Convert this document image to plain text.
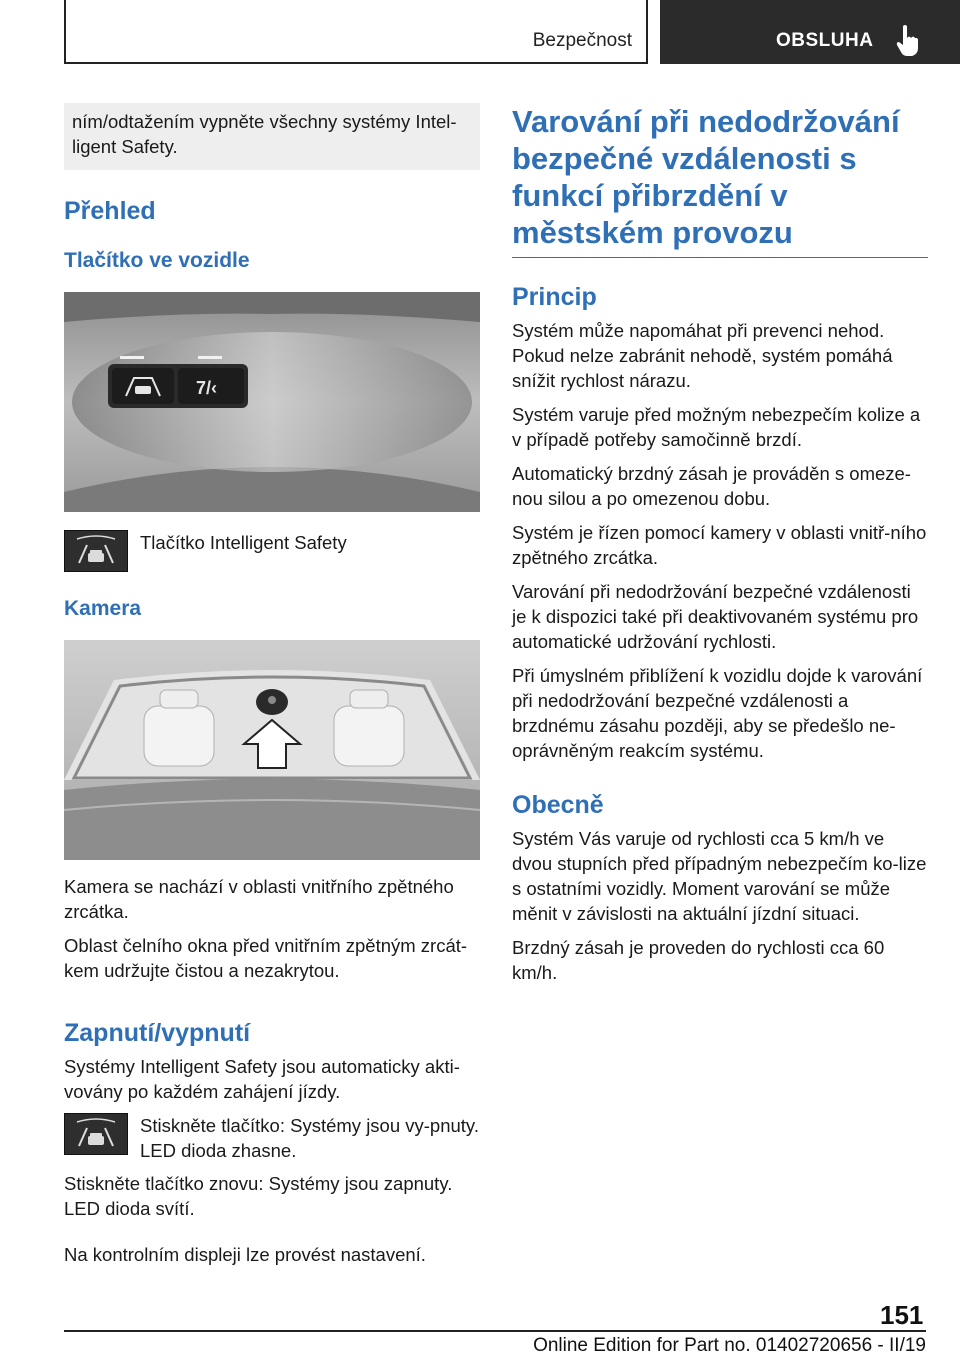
Bezpečnost	OBSLUHA
ním/odtažením vypněte všechny systémy Intel‐ligent Safety.
Přehled
Tlačítko ve vozidle
7/‹
Tlačítko Intelligent Safety
Kamera

Kamera se nachází v oblasti vnitřního zpětného zrcátka.

Oblast čelního okna před vnitřním zpětným zrcát‐kem udržujte čistou a nezakrytou.

Zapnutí/vypnutí

Systémy Intelligent Safety jsou automaticky akti‐vovány po každém zahájení jízdy.

Stiskněte tlačítko: Systémy jsou vy‐pnuty. LED dioda zhasne.

Stiskněte tlačítko znovu: Systémy jsou zapnuty. LED dioda svítí.

Na kontrolním displeji lze provést nastavení.

Varování při nedodržování bezpečné vzdálenosti s funkcí přibrzdění v městském provozu
Princip

Systém může napomáhat při prevenci nehod. Pokud nelze zabránit nehodě, systém pomáhá snížit rychlost nárazu.

Systém varuje před možným nebezpečím kolize a v případě potřeby samočinně brzdí.

Automatický brzdný zásah je prováděn s omeze‐nou silou a po omezenou dobu.

Systém je řízen pomocí kamery v oblasti vnitř‐ního zpětného zrcátka.

Varování při nedodržování bezpečné vzdálenosti je k dispozici také při deaktivovaném systému pro automatické udržování rychlosti.

Při úmyslném přiblížení k vozidlu dojde k varování při nedodržování bezpečné vzdálenosti a brzdnému zásahu později, aby se předešlo ne‐oprávněným reakcím systému.

Obecně

Systém Vás varuje od rychlosti cca 5 km/h ve dvou stupních před případným nebezpečím ko‐lize s ostatními vozidly. Moment varování se může měnit v závislosti na aktuální jízdní situaci.

Brzdný zásah je proveden do rychlosti cca 60 km/h.

151
Online Edition for Part no. 01402720656 - II/19
